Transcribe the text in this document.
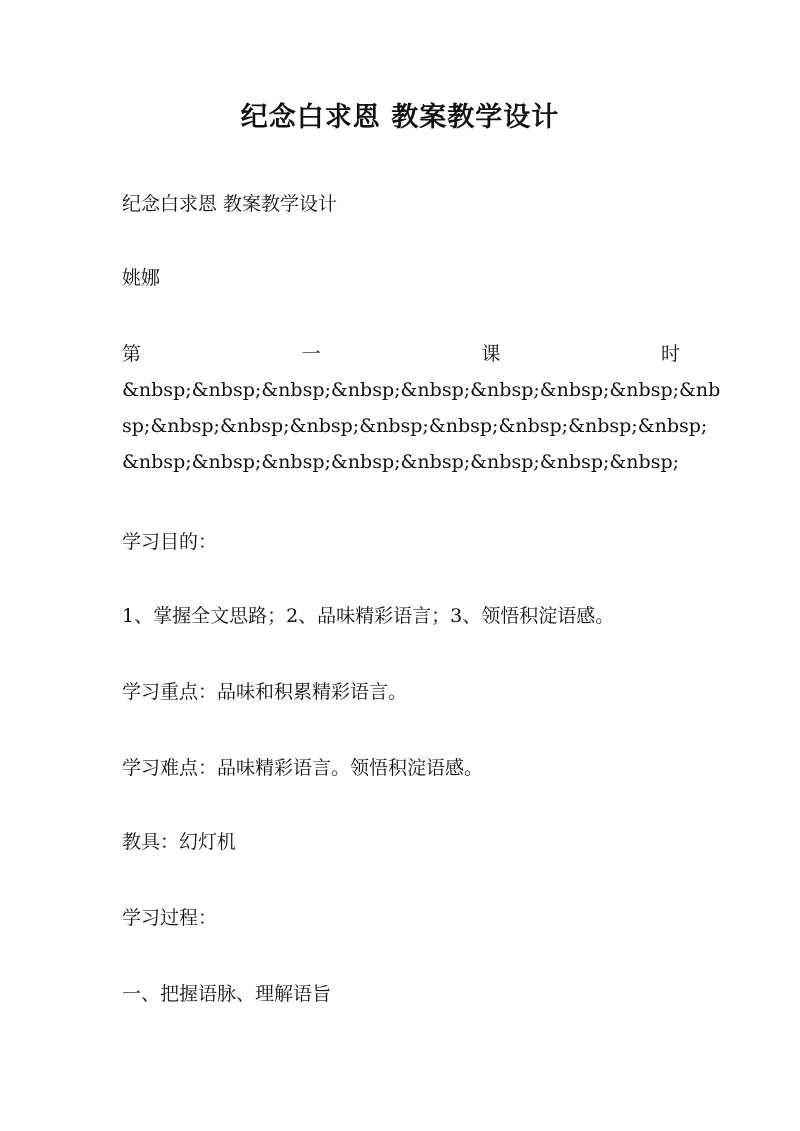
纪念白求恩 教案教学设计

纪念白求恩 教案教学设计

姚娜

第	一	课	时
&nbsp;&nbsp;&nbsp;&nbsp;&nbsp;&nbsp;&nbsp;&nbsp;&nb
sp;&nbsp;&nbsp;&nbsp;&nbsp;&nbsp;&nbsp;&nbsp;&nbsp;
&nbsp;&nbsp;&nbsp;&nbsp;&nbsp;&nbsp;&nbsp;&nbsp;

学习目的：

1、掌握全文思路；2、品味精彩语言；3、领悟积淀语感。

学习重点：品味和积累精彩语言。

学习难点：品味精彩语言。领悟积淀语感。

教具：幻灯机

学习过程：

一、把握语脉、理解语旨
